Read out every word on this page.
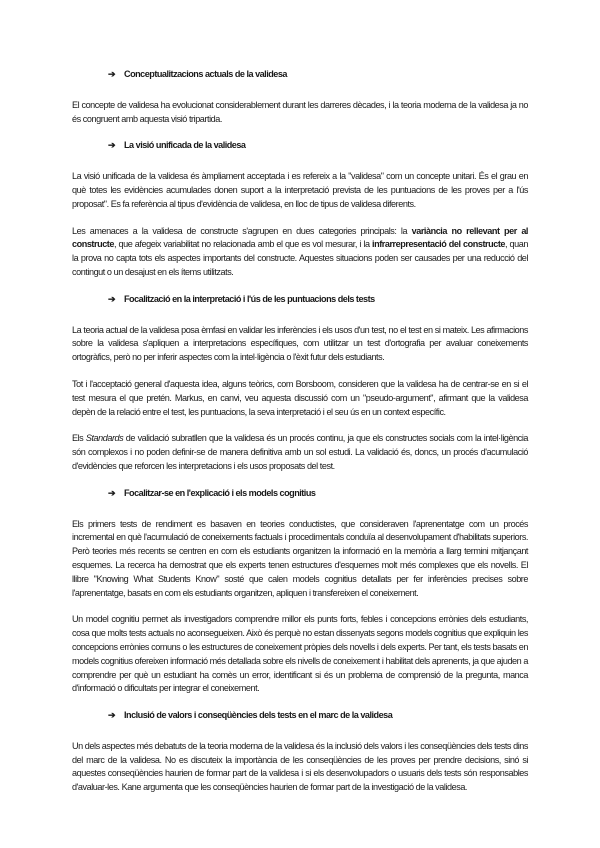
➔ Conceptualitzacions actuals de la validesa

El concepte de validesa ha evolucionat considerablement durant les darreres dècades, i la teoria moderna de la validesa ja no és congruent amb aquesta visió tripartida.

➔ La visió unificada de la validesa

La visió unificada de la validesa és àmpliament acceptada i es refereix a la "validesa" com un concepte unitari. És el grau en què totes les evidències acumulades donen suport a la interpretació prevista de les puntuacions de les proves per a l'ús proposat". Es fa referència al tipus d'evidència de validesa, en lloc de tipus de validesa diferents.

Les amenaces a la validesa de constructe s'agrupen en dues categories principals: la variància no rellevant per al constructe, que afegeix variabilitat no relacionada amb el que es vol mesurar, i la infrarrepresentació del constructe, quan la prova no capta tots els aspectes importants del constructe. Aquestes situacions poden ser causades per una reducció del contingut o un desajust en els ítems utilitzats.

➔ Focalització en la interpretació i l'ús de les puntuacions dels tests

La teoria actual de la validesa posa èmfasi en validar les inferències i els usos d'un test, no el test en si mateix. Les afirmacions sobre la validesa s'apliquen a interpretacions específiques, com utilitzar un test d'ortografia per avaluar coneixements ortogràfics, però no per inferir aspectes com la intel·ligència o l'èxit futur dels estudiants.

Tot i l'acceptació general d'aquesta idea, alguns teòrics, com Borsboom, consideren que la validesa ha de centrar-se en si el test mesura el que pretén. Markus, en canvi, veu aquesta discussió com un "pseudo-argument", afirmant que la validesa depèn de la relació entre el test, les puntuacions, la seva interpretació i el seu ús en un context específic.

Els Standards de validació subratllen que la validesa és un procés continu, ja que els constructes socials com la intel·ligència són complexos i no poden definir-se de manera definitiva amb un sol estudi. La validació és, doncs, un procés d'acumulació d'evidències que reforcen les interpretacions i els usos proposats del test.

➔ Focalitzar-se en l'explicació i els models cognitius

Els primers tests de rendiment es basaven en teories conductistes, que consideraven l'aprenentatge com un procés incremental en què l'acumulació de coneixements factuals i procedimentals conduïa al desenvolupament d'habilitats superiors. Però teories més recents se centren en com els estudiants organitzen la informació en la memòria a llarg termini mitjançant esquemes. La recerca ha demostrat que els experts tenen estructures d'esquemes molt més complexes que els novells. El llibre "Knowing What Students Know" sosté que calen models cognitius detallats per fer inferències precises sobre l'aprenentatge, basats en com els estudiants organitzen, apliquen i transfereixen el coneixement.

Un model cognitiu permet als investigadors comprendre millor els punts forts, febles i concepcions errònies dels estudiants, cosa que molts tests actuals no aconsegueixen. Això és perquè no estan dissenyats segons models cognitius que expliquin les concepcions errònies comuns o les estructures de coneixement pròpies dels novells i dels experts. Per tant, els tests basats en models cognitius ofereixen informació més detallada sobre els nivells de coneixement i habilitat dels aprenents, ja que ajuden a comprendre per què un estudiant ha comès un error, identificant si és un problema de comprensió de la pregunta, manca d'informació o dificultats per integrar el coneixement.

➔ Inclusió de valors i conseqüències dels tests en el marc de la validesa

Un dels aspectes més debatuts de la teoria moderna de la validesa és la inclusió dels valors i les conseqüències dels tests dins del marc de la validesa. No es discuteix la importància de les conseqüències de les proves per prendre decisions, sinó si aquestes conseqüències haurien de formar part de la validesa i si els desenvolupadors o usuaris dels tests són responsables d'avaluar-les. Kane argumenta que les conseqüències haurien de formar part de la investigació de la validesa.
